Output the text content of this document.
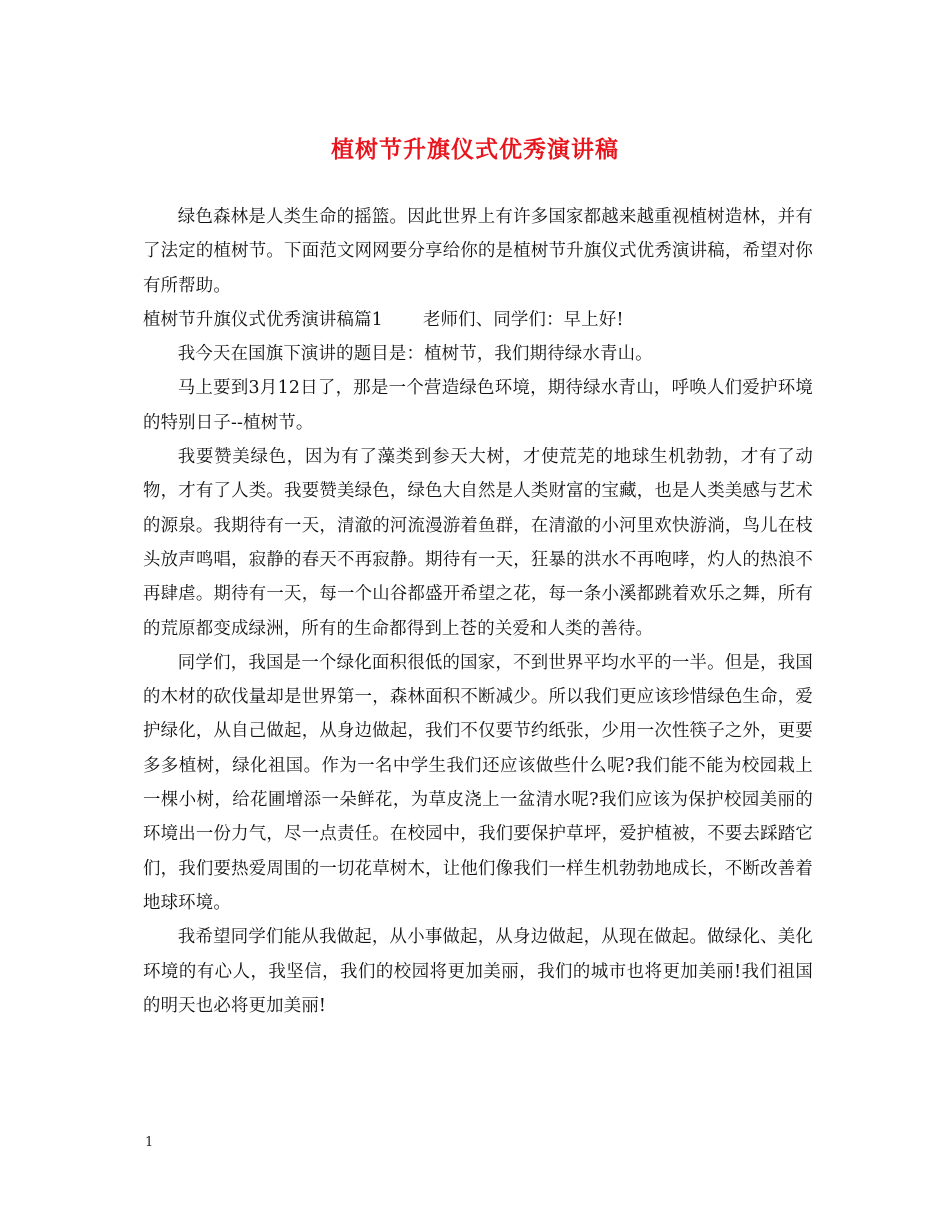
植树节升旗仪式优秀演讲稿

绿色森林是人类生命的摇篮。因此世界上有许多国家都越来越重视植树造林，并有了法定的植树节。下面范文网网要分享给你的是植树节升旗仪式优秀演讲稿，希望对你有所帮助。

植树节升旗仪式优秀演讲稿篇1 老师们、同学们：早上好!

我今天在国旗下演讲的题目是：植树节，我们期待绿水青山。

马上要到3月12日了，那是一个营造绿色环境，期待绿水青山，呼唤人们爱护环境的特别日子--植树节。

我要赞美绿色，因为有了藻类到参天大树，才使荒芜的地球生机勃勃，才有了动物，才有了人类。我要赞美绿色，绿色大自然是人类财富的宝藏，也是人类美感与艺术的源泉。我期待有一天，清澈的河流漫游着鱼群，在清澈的小河里欢快游淌，鸟儿在枝头放声鸣唱，寂静的春天不再寂静。期待有一天，狂暴的洪水不再咆哮，灼人的热浪不再肆虐。期待有一天，每一个山谷都盛开希望之花，每一条小溪都跳着欢乐之舞，所有的荒原都变成绿洲，所有的生命都得到上苍的关爱和人类的善待。

同学们，我国是一个绿化面积很低的国家，不到世界平均水平的一半。但是，我国的木材的砍伐量却是世界第一，森林面积不断减少。所以我们更应该珍惜绿色生命，爱护绿化，从自己做起，从身边做起，我们不仅要节约纸张，少用一次性筷子之外，更要多多植树，绿化祖国。作为一名中学生我们还应该做些什么呢?我们能不能为校园栽上一棵小树，给花圃增添一朵鲜花，为草皮浇上一盆清水呢?我们应该为保护校园美丽的环境出一份力气，尽一点责任。在校园中，我们要保护草坪，爱护植被，不要去踩踏它们，我们要热爱周围的一切花草树木，让他们像我们一样生机勃勃地成长，不断改善着地球环境。

我希望同学们能从我做起，从小事做起，从身边做起，从现在做起。做绿化、美化环境的有心人，我坚信，我们的校园将更加美丽，我们的城市也将更加美丽!我们祖国的明天也必将更加美丽!

1
